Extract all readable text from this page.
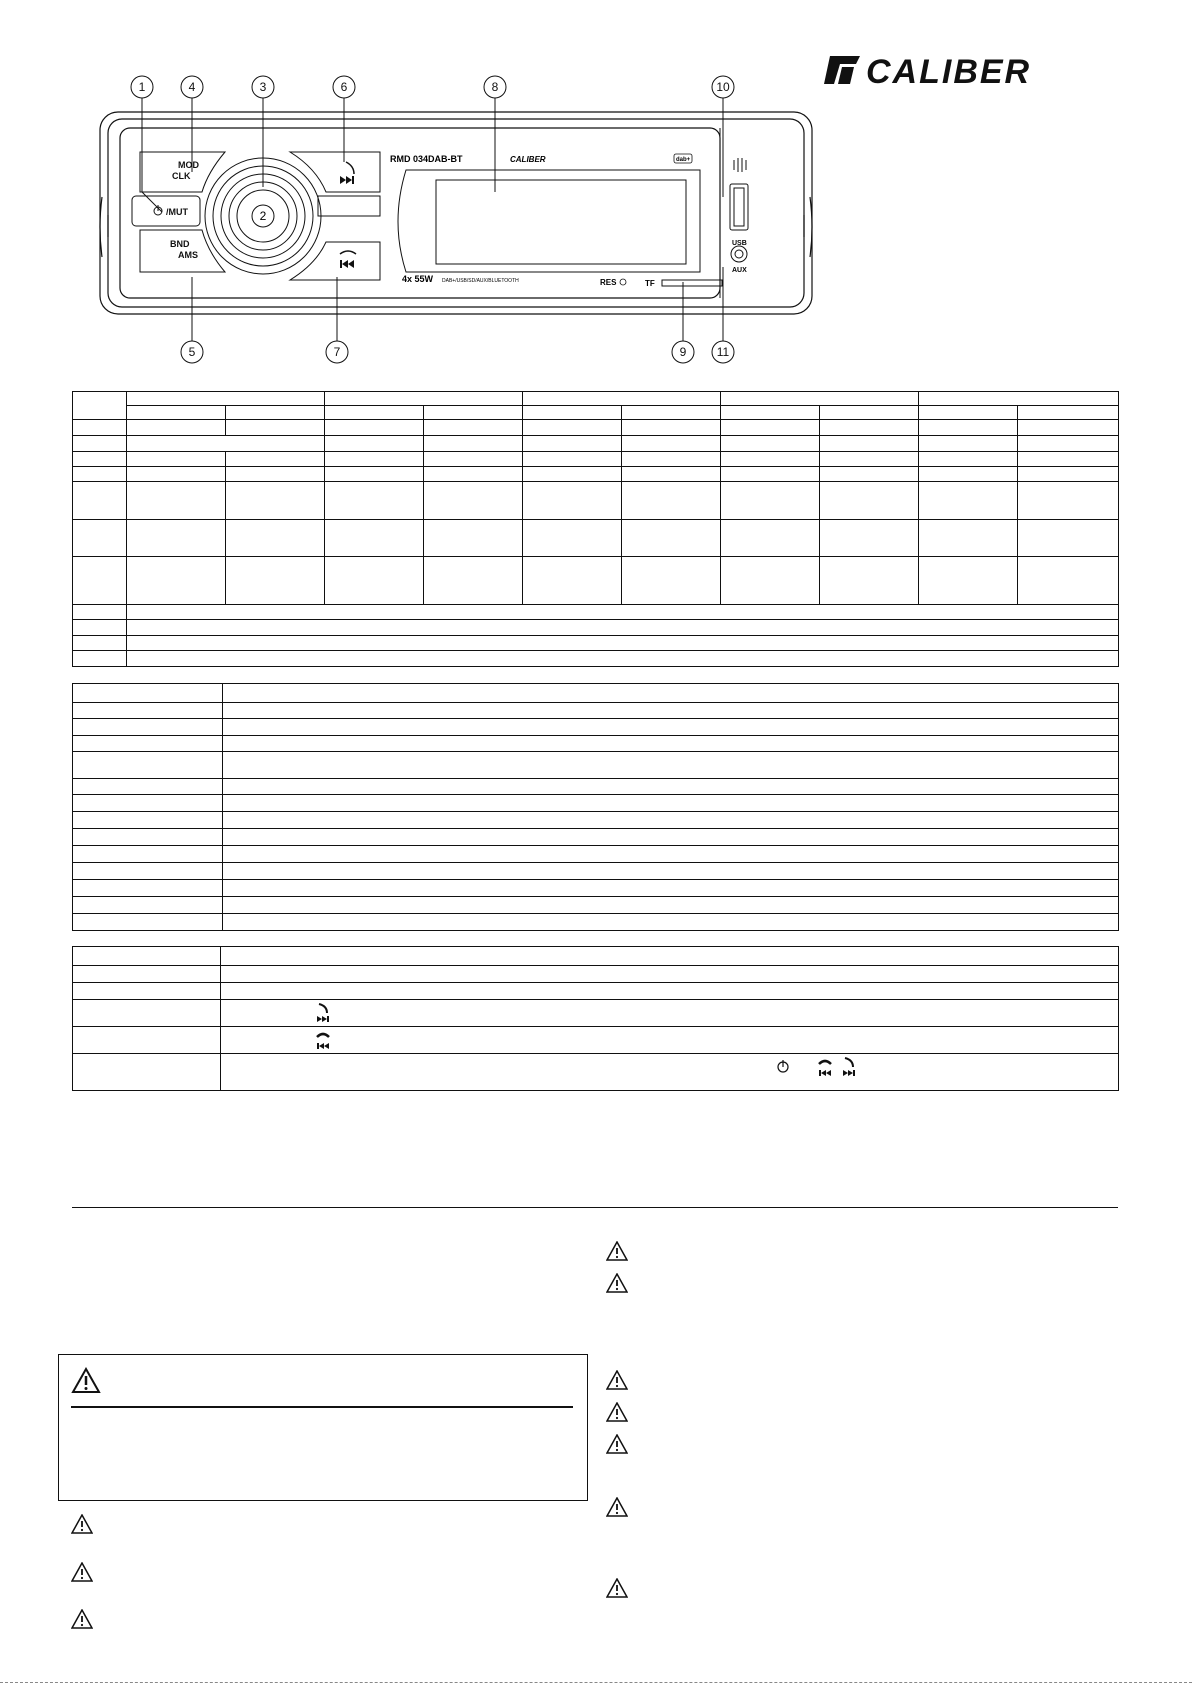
CALIBER
1	4	3	6	8	10
5	7	9	11
MOD
CLK
/MUT
BND
AMS
2
RMD 034DAB-BT	CALIBER	dab+
4x 55W DAB+/USB/SD/AUX/BLUETOOTH	RES	TF
USB
AUX
